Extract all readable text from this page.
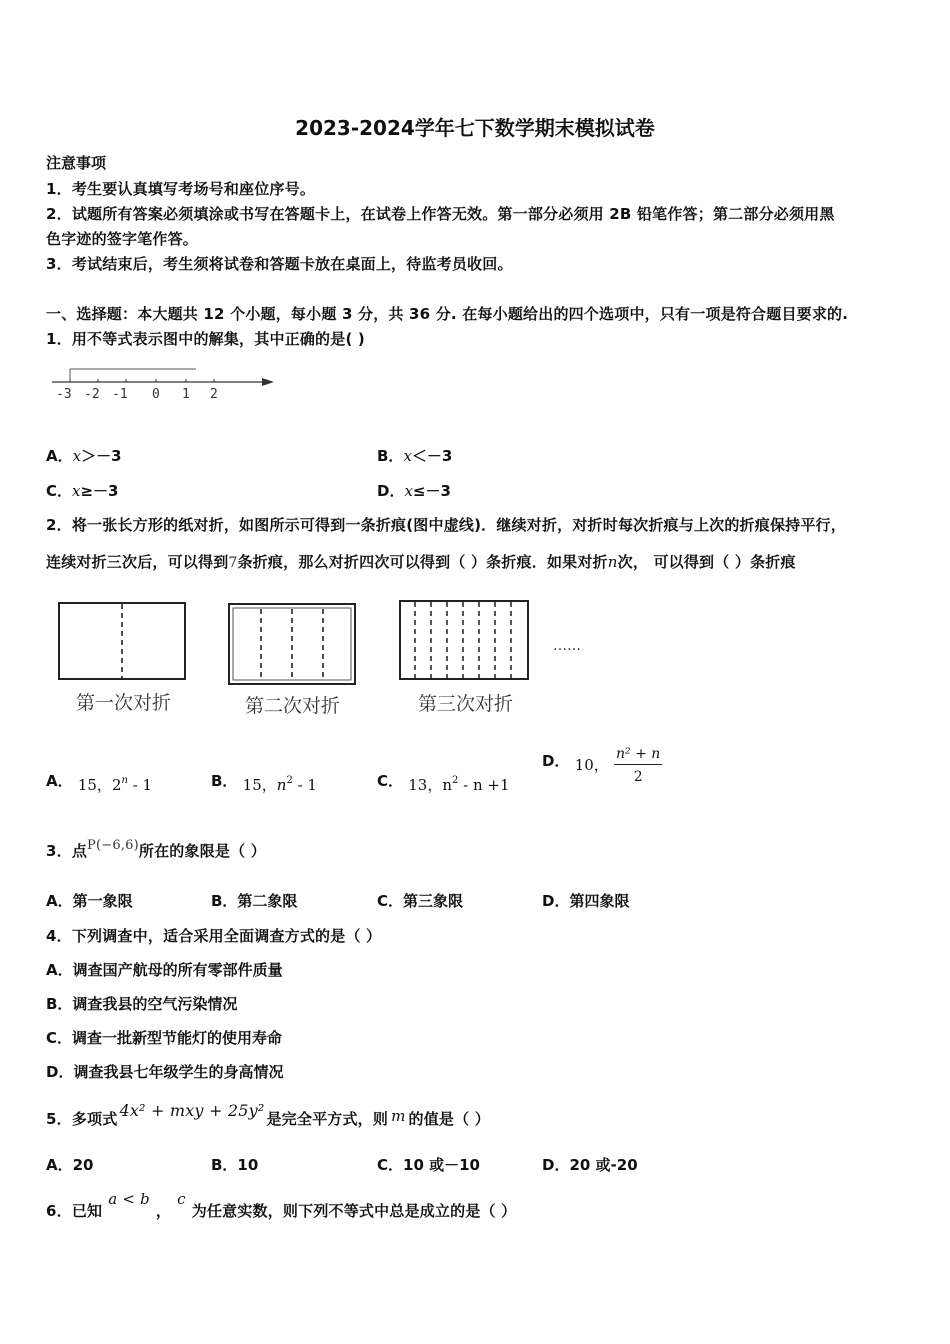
2023-2024学年七下数学期末模拟试卷
注意事项
1．考生要认真填写考场号和座位序号。
2．试题所有答案必须填涂或书写在答题卡上，在试卷上作答无效。第一部分必须用 2B 铅笔作答；第二部分必须用黑
色字迹的签字笔作答。
3．考试结束后，考生须将试卷和答题卡放在桌面上，待监考员收回。
一、选择题：本大题共 12 个小题，每小题 3 分，共 36 分. 在每小题给出的四个选项中，只有一项是符合题目要求的.
1．用不等式表示图中的解集，其中正确的是( )
-3 -2 -1 0 1 2
A．x＞－3	B．x＜－3
C．x≥－3	D．x≤－3
2．将一张长方形的纸对折，如图所示可得到一条折痕(图中虚线)．继续对折，对折时每次折痕与上次的折痕保持平行，
连续对折三次后，可以得到7条折痕，那么对折四次可以得到（ ）条折痕．如果对折n次， 可以得到（ ）条折痕
第一次对折	第二次对折	第三次对折
……
A． 15，2$^n$ - 1	B． 15，$n^2 - 1$	C． 13，$n^2 - n +1$
D． 10， $\frac{\text{n² + n}}{2}$
3．点P(−6,6)所在的象限是（ ）
A．第一象限	B．第二象限	C．第三象限	D．第四象限
4．下列调查中，适合采用全面调查方式的是（ ）
A．调查国产航母的所有零部件质量
B．调查我县的空气污染情况
C．调查一批新型节能灯的使用寿命
D．调查我县七年级学生的身高情况
5．多项式 4x² + mxy + 25y² 是完全平方式，则 m 的值是（ ）
A．20	B．10	C．10 或－10	D．20 或-20
6．已知a < b，c为任意实数，则下列不等式中总是成立的是（ ）
